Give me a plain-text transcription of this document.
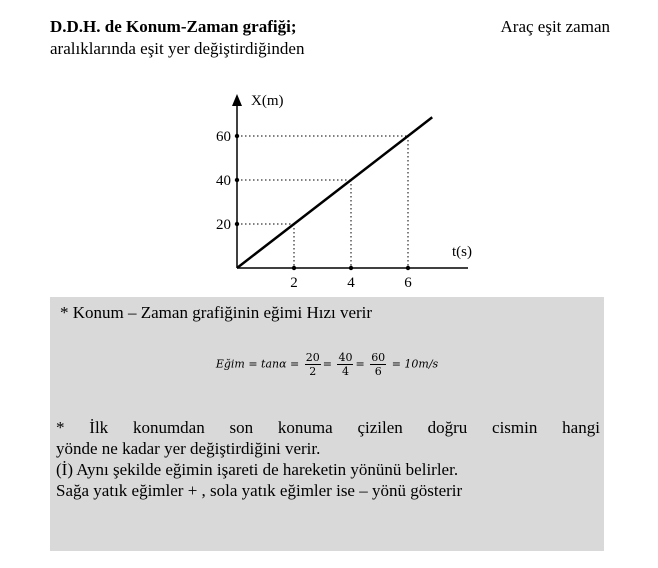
D.D.H. de Konum-Zaman grafiği;	Araç eşit zaman
aralıklarında eşit yer değiştirdiğinden
2	4	6
20
40
60
X(m)
t(s)
* Konum – Zaman grafiğinin eğimi Hızı verir
Eğim = $\tan\alpha = \frac{20}{2} = \frac{40}{4} = \frac{60}{6} = 10m/s$
* İlk konumdan son konuma çizilen doğru cismin hangi
yönde ne kadar yer değiştirdiğini verir.
(İ) Aynı şekilde eğimin işareti de hareketin yönünü belirler.
Sağa yatık eğimler + , sola yatık eğimler ise – yönü gösterir
